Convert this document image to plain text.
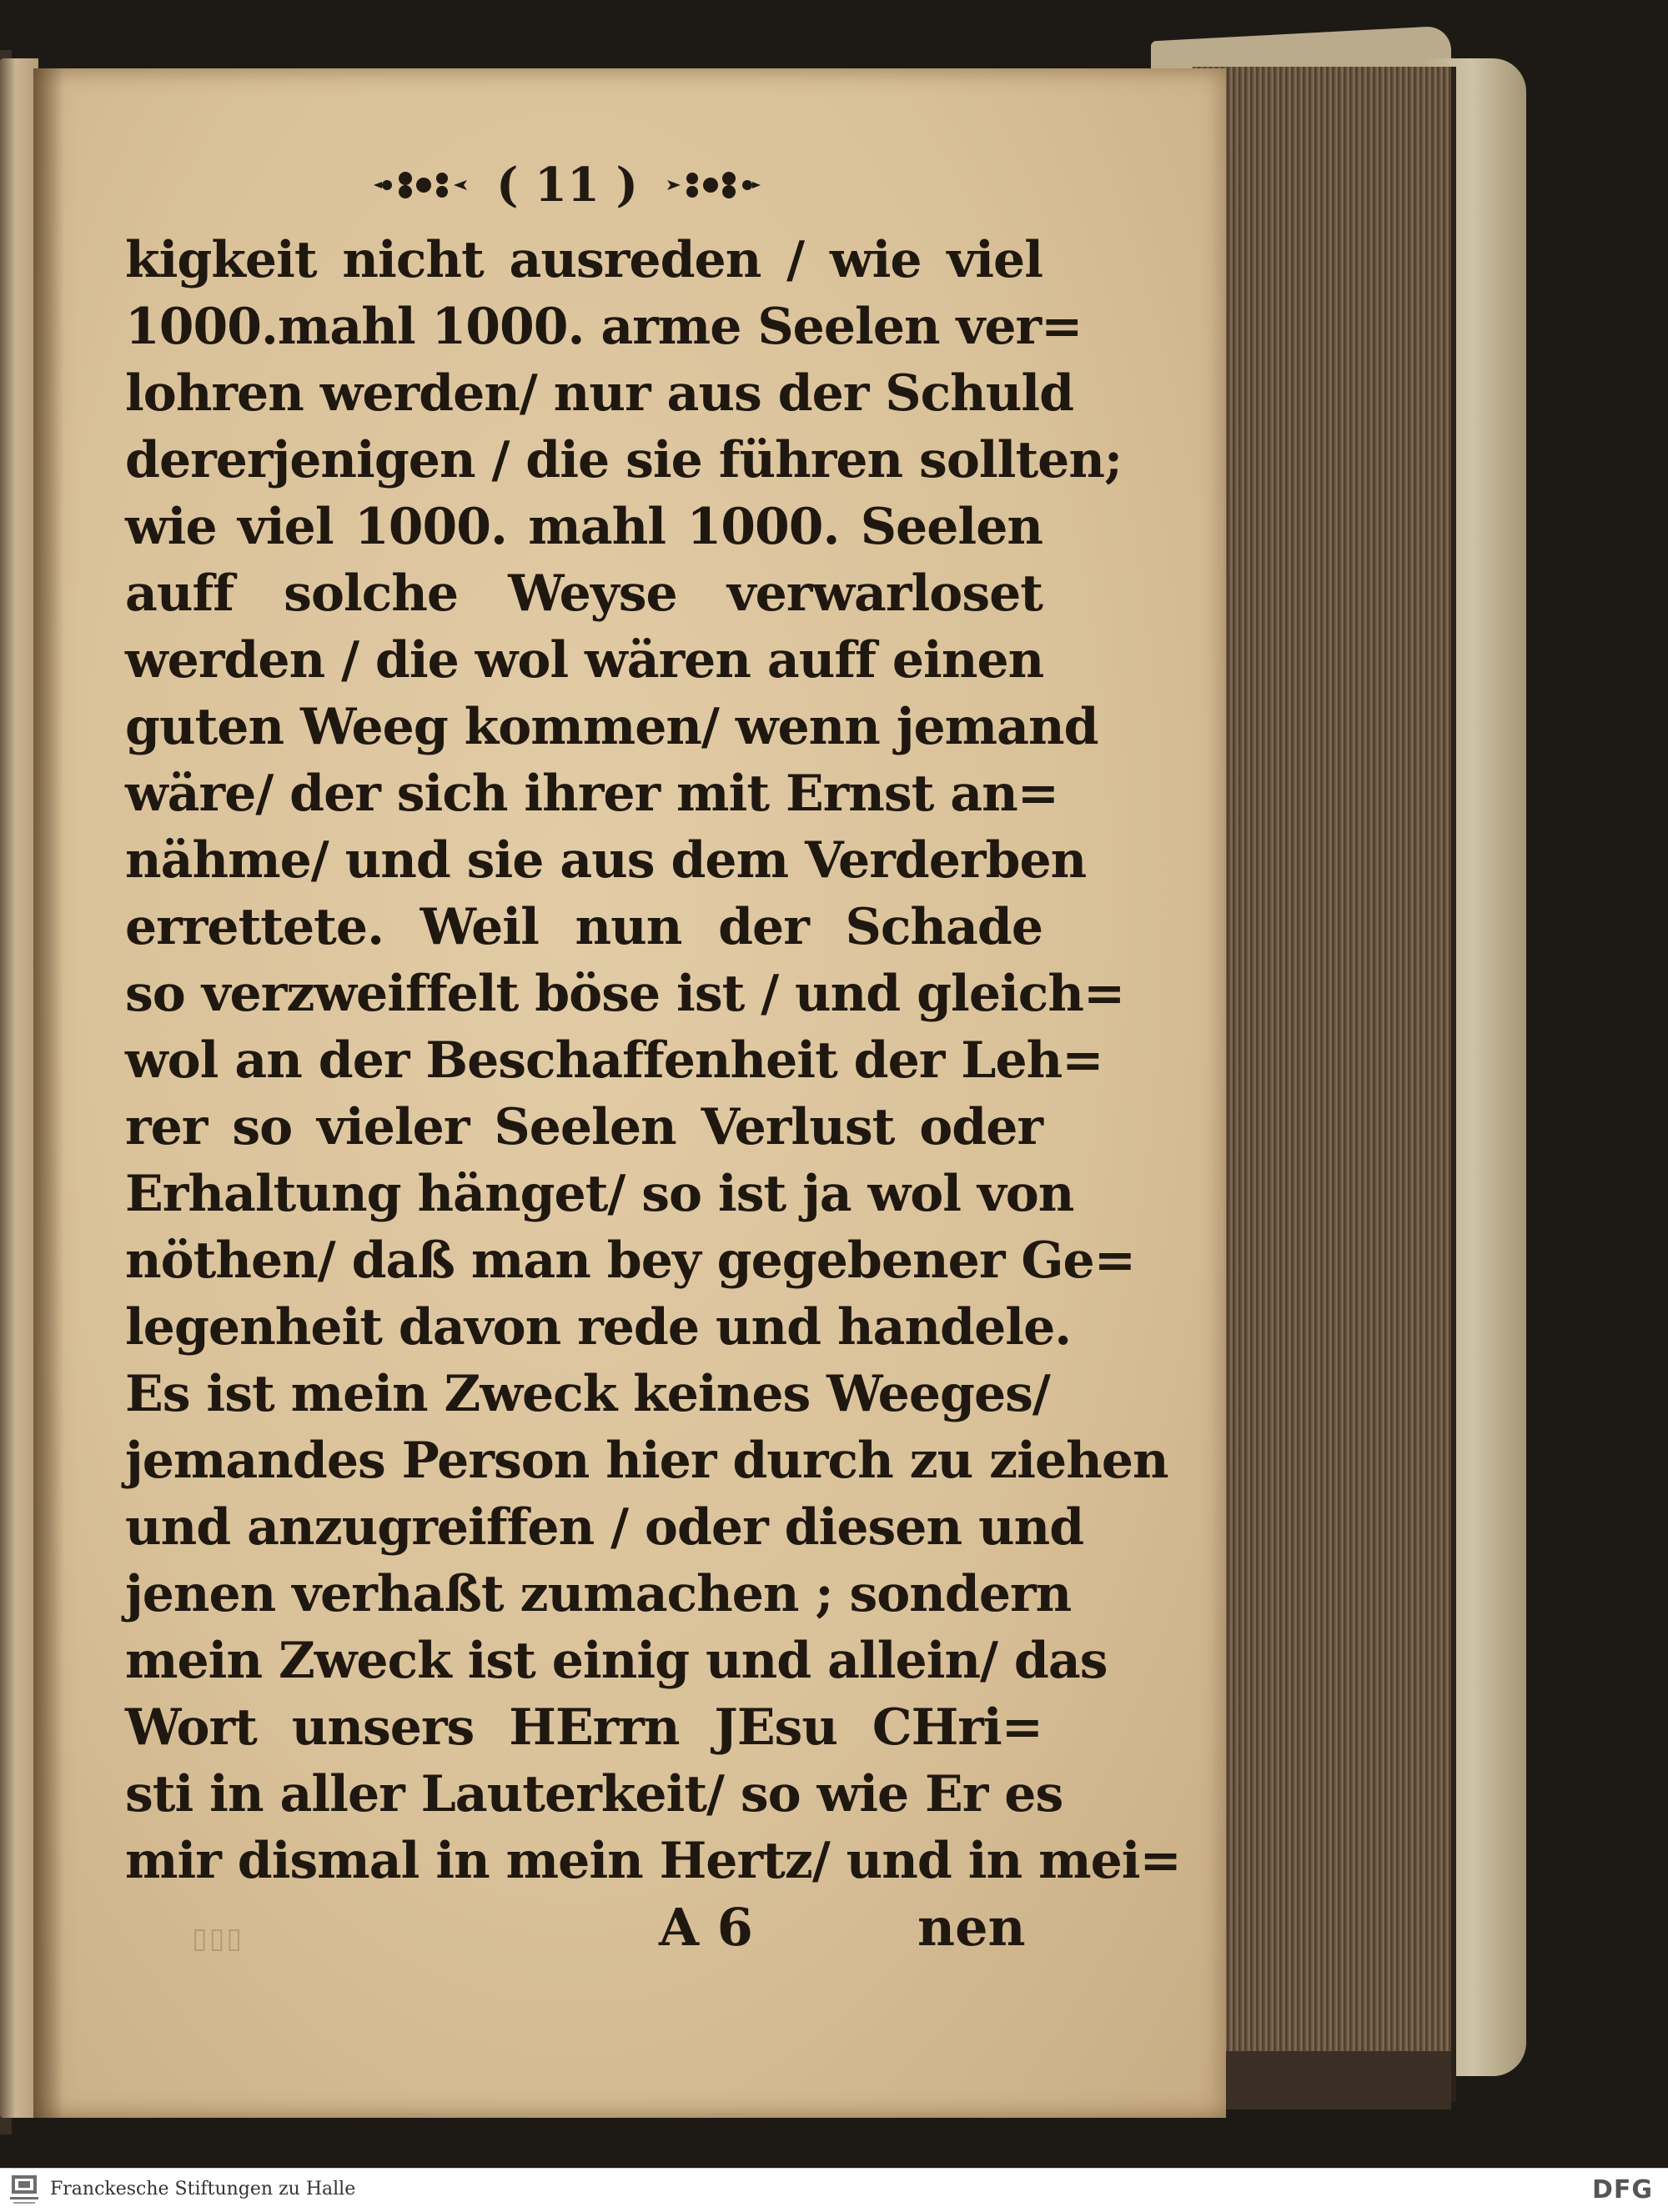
( 11 )
kigkeit nicht ausreden / wie viel
1000.mahl 1000. arme Seelen ver=
lohren werden/ nur aus der Schuld
dererjenigen / die sie führen sollten;
wie viel 1000. mahl 1000. Seelen
auff solche Weyse verwarloset
werden / die wol wären auff einen
guten Weeg kommen/ wenn jemand
wäre/ der sich ihrer mit Ernst an=
nähme/ und sie aus dem Verderben
errettete. Weil nun der Schade
so verzweiffelt böse ist / und gleich=
wol an der Beschaffenheit der Leh=
rer so vieler Seelen Verlust oder
Erhaltung hänget/ so ist ja wol von
nöthen/ daß man bey gegebener Ge=
legenheit davon rede und handele.
Es ist mein Zweck keines Weeges/
jemandes Person hier durch zu ziehen
und anzugreiffen / oder diesen und
jenen verhaßt zumachen ; sondern
mein Zweck ist einig und allein/ das
Wort unsers HErrn JEsu CHri=
sti in aller Lauterkeit/ so wie Er es
mir dismal in mein Hertz/ und in mei=
▯▯▯	A 6	nen
Franckesche Stiftungen zu Halle	DFG
